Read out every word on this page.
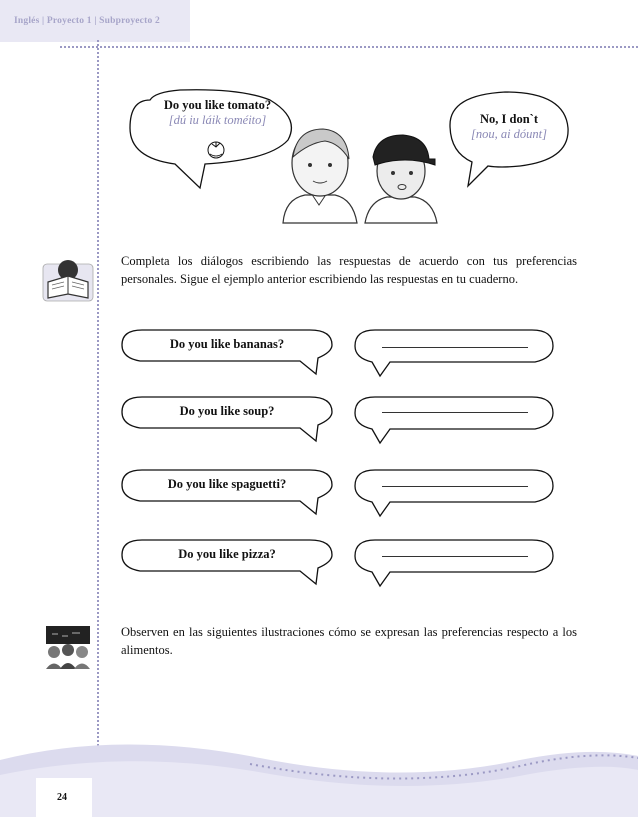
Inglés | Proyecto 1 | Subproyecto 2
Do you like tomato?
[dú iu láik toméito]	No, I don`t
[nou, ai dóunt]
Completa los diálogos escribiendo las respuestas de acuerdo con tus preferencias personales. Sigue el ejemplo anterior escribiendo las respuestas en tu cuaderno.
Do you like bananas?
Do you like soup?
Do you like spaguetti?
Do you like pizza?
Observen en las siguientes ilustraciones cómo se expresan las preferencias respecto a los alimentos.
24
